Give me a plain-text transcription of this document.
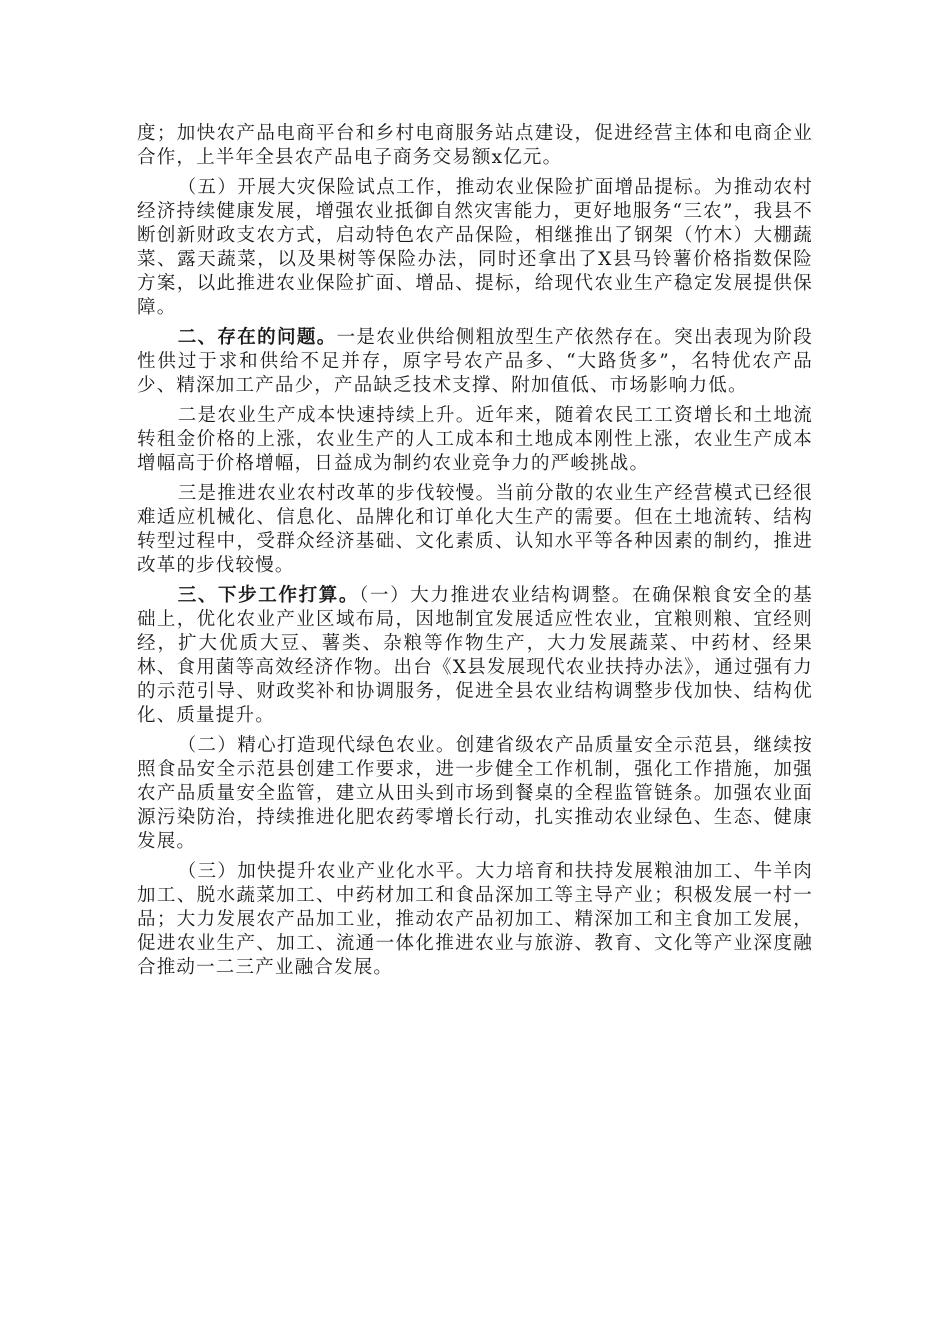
度；加快农产品电商平台和乡村电商服务站点建设，促进经营主体和电商企业合作，上半年全县农产品电子商务交易额x亿元。

（五）开展大灾保险试点工作，推动农业保险扩面增品提标。为推动农村经济持续健康发展，增强农业抵御自然灾害能力，更好地服务“三农”，我县不断创新财政支农方式，启动特色农产品保险，相继推出了钢架（竹木）大棚蔬菜、露天蔬菜，以及果树等保险办法，同时还拿出了X县马铃薯价格指数保险方案，以此推进农业保险扩面、增品、提标，给现代农业生产稳定发展提供保障。

二、存在的问题。一是农业供给侧粗放型生产依然存在。突出表现为阶段性供过于求和供给不足并存，原字号农产品多、“大路货多”，名特优农产品少、精深加工产品少，产品缺乏技术支撑、附加值低、市场影响力低。

二是农业生产成本快速持续上升。近年来，随着农民工工资增长和土地流转租金价格的上涨，农业生产的人工成本和土地成本刚性上涨，农业生产成本增幅高于价格增幅，日益成为制约农业竞争力的严峻挑战。

三是推进农业农村改革的步伐较慢。当前分散的农业生产经营模式已经很难适应机械化、信息化、品牌化和订单化大生产的需要。但在土地流转、结构转型过程中，受群众经济基础、文化素质、认知水平等各种因素的制约，推进改革的步伐较慢。

三、下步工作打算。（一）大力推进农业结构调整。在确保粮食安全的基础上，优化农业产业区域布局，因地制宜发展适应性农业，宜粮则粮、宜经则经，扩大优质大豆、薯类、杂粮等作物生产，大力发展蔬菜、中药材、经果林、食用菌等高效经济作物。出台《X县发展现代农业扶持办法》，通过强有力的示范引导、财政奖补和协调服务，促进全县农业结构调整步伐加快、结构优化、质量提升。

（二）精心打造现代绿色农业。创建省级农产品质量安全示范县，继续按照食品安全示范县创建工作要求，进一步健全工作机制，强化工作措施，加强农产品质量安全监管，建立从田头到市场到餐桌的全程监管链条。加强农业面源污染防治，持续推进化肥农药零增长行动，扎实推动农业绿色、生态、健康发展。

（三）加快提升农业产业化水平。大力培育和扶持发展粮油加工、牛羊肉加工、脱水蔬菜加工、中药材加工和食品深加工等主导产业；积极发展一村一品；大力发展农产品加工业，推动农产品初加工、精深加工和主食加工发展，促进农业生产、加工、流通一体化推进农业与旅游、教育、文化等产业深度融合推动一二三产业融合发展。
